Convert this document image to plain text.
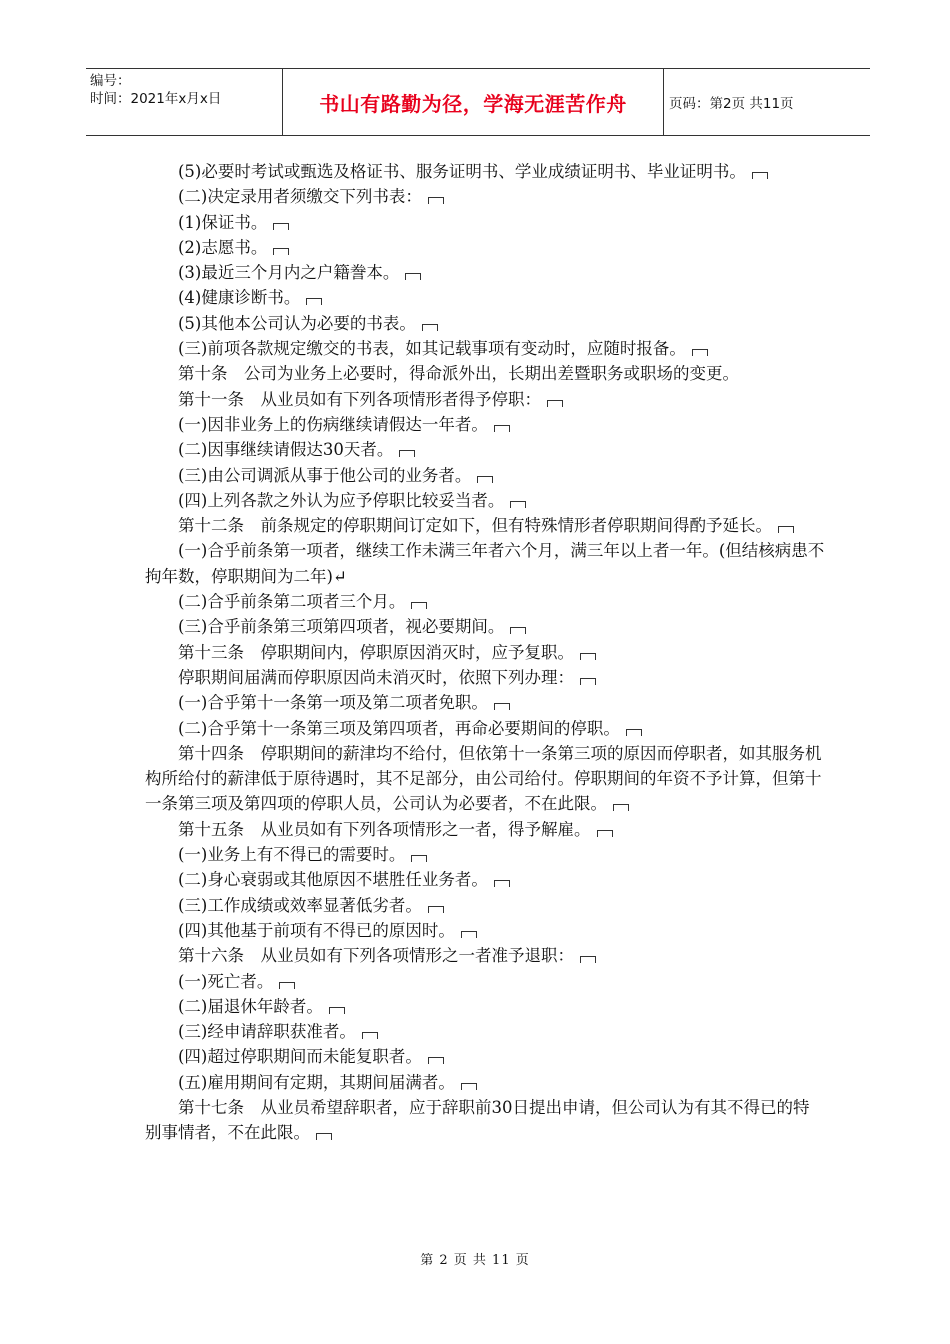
编号：
时间：2021年x月x日	书山有路勤为径，学海无涯苦作舟	页码：第2页 共11页

(5)必要时考试或甄选及格证书、服务证明书、学业成绩证明书、毕业证明书。

(二)决定录用者须缴交下列书表：

(1)保证书。

(2)志愿书。

(3)最近三个月内之户籍誊本。

(4)健康诊断书。

(5)其他本公司认为必要的书表。

(三)前项各款规定缴交的书表，如其记载事项有变动时，应随时报备。

第十条　公司为业务上必要时，得命派外出，长期出差暨职务或职场的变更。

第十一条　从业员如有下列各项情形者得予停职：

(一)因非业务上的伤病继续请假达一年者。

(二)因事继续请假达30天者。

(三)由公司调派从事于他公司的业务者。

(四)上列各款之外认为应予停职比较妥当者。

第十二条　前条规定的停职期间订定如下，但有特殊情形者停职期间得酌予延长。

(一)合乎前条第一项者，继续工作未满三年者六个月，满三年以上者一年。(但结核病患不拘年数，停职期间为二年)↵

(二)合乎前条第二项者三个月。

(三)合乎前条第三项第四项者，视必要期间。

第十三条　停职期间内，停职原因消灭时，应予复职。

停职期间届满而停职原因尚未消灭时，依照下列办理：

(一)合乎第十一条第一项及第二项者免职。

(二)合乎第十一条第三项及第四项者，再命必要期间的停职。

第十四条　停职期间的薪津均不给付，但依第十一条第三项的原因而停职者，如其服务机构所给付的薪津低于原待遇时，其不足部分，由公司给付。停职期间的年资不予计算，但第十一条第三项及第四项的停职人员，公司认为必要者，不在此限。

第十五条　从业员如有下列各项情形之一者，得予解雇。

(一)业务上有不得已的需要时。

(二)身心衰弱或其他原因不堪胜任业务者。

(三)工作成绩或效率显著低劣者。

(四)其他基于前项有不得已的原因时。

第十六条　从业员如有下列各项情形之一者准予退职：

(一)死亡者。

(二)届退休年龄者。

(三)经申请辞职获准者。

(四)超过停职期间而未能复职者。

(五)雇用期间有定期，其期间届满者。

第十七条　从业员希望辞职者，应于辞职前30日提出申请，但公司认为有其不得已的特别事情者，不在此限。

第 2 页 共 11 页
